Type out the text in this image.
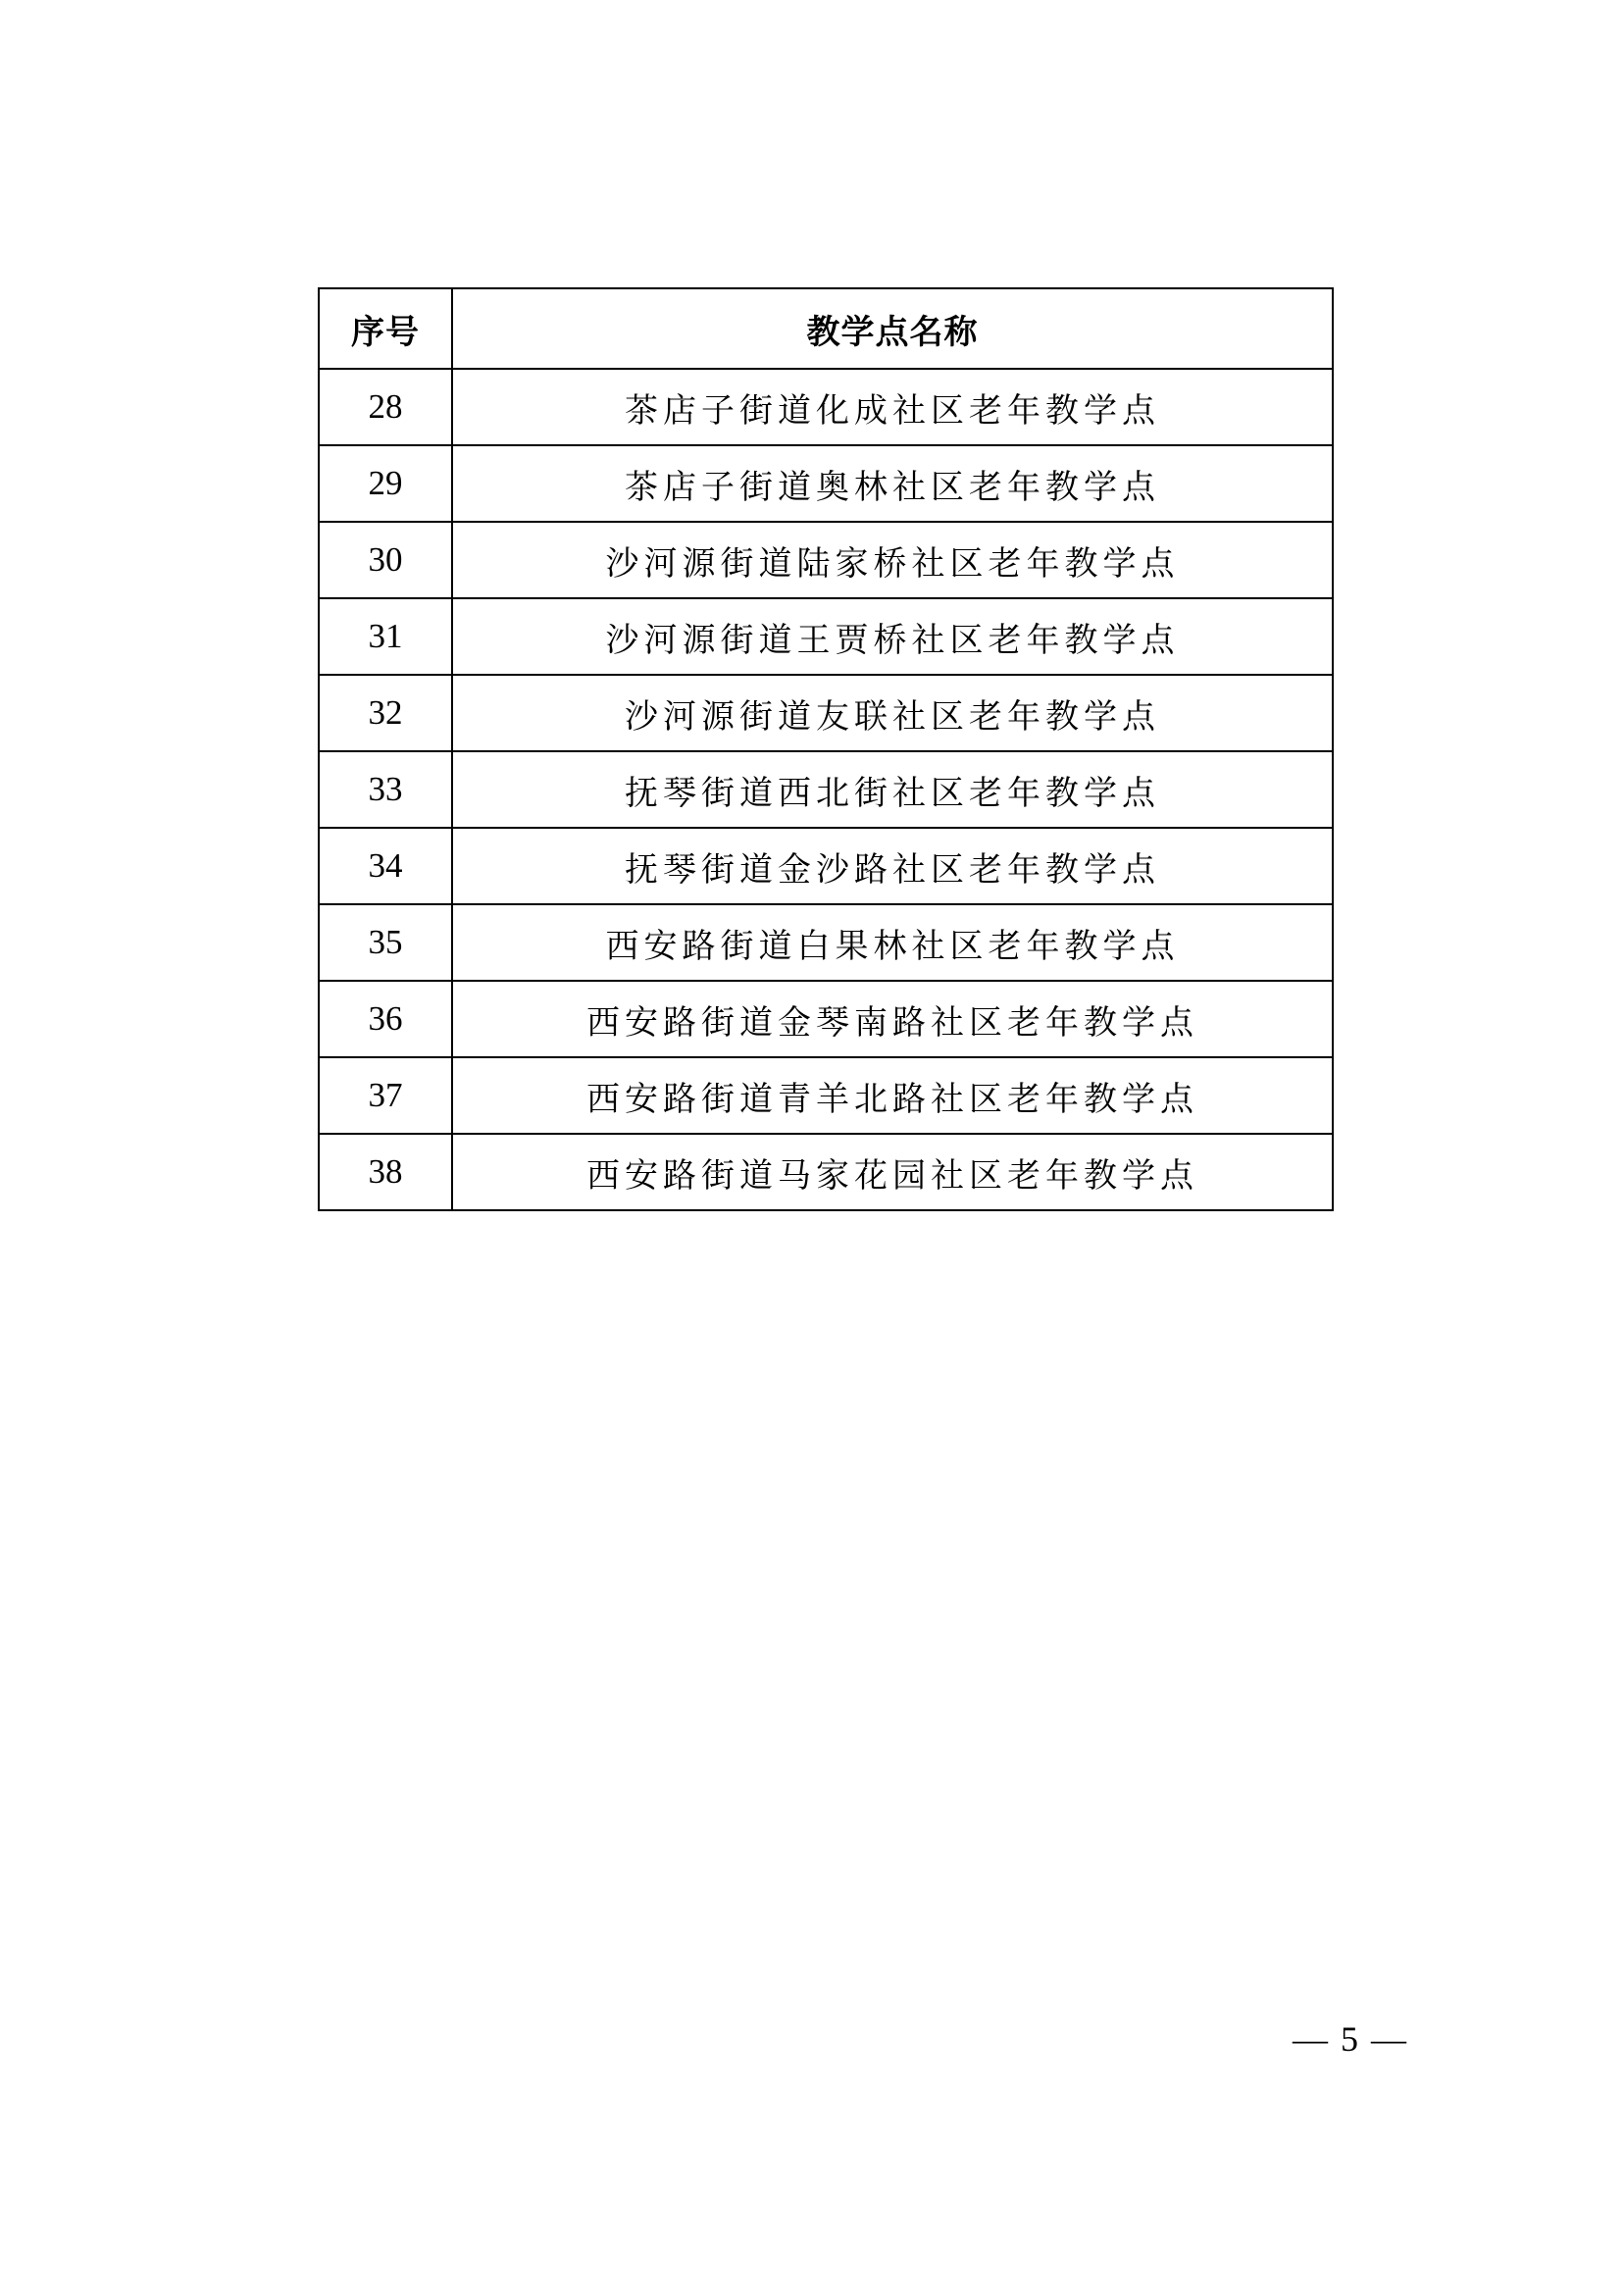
序号	教学点名称
28	茶店子街道化成社区老年教学点
29	茶店子街道奥林社区老年教学点
30	沙河源街道陆家桥社区老年教学点
31	沙河源街道王贾桥社区老年教学点
32	沙河源街道友联社区老年教学点
33	抚琴街道西北街社区老年教学点
34	抚琴街道金沙路社区老年教学点
35	西安路街道白果林社区老年教学点
36	西安路街道金琴南路社区老年教学点
37	西安路街道青羊北路社区老年教学点
38	西安路街道马家花园社区老年教学点
— 5 —
